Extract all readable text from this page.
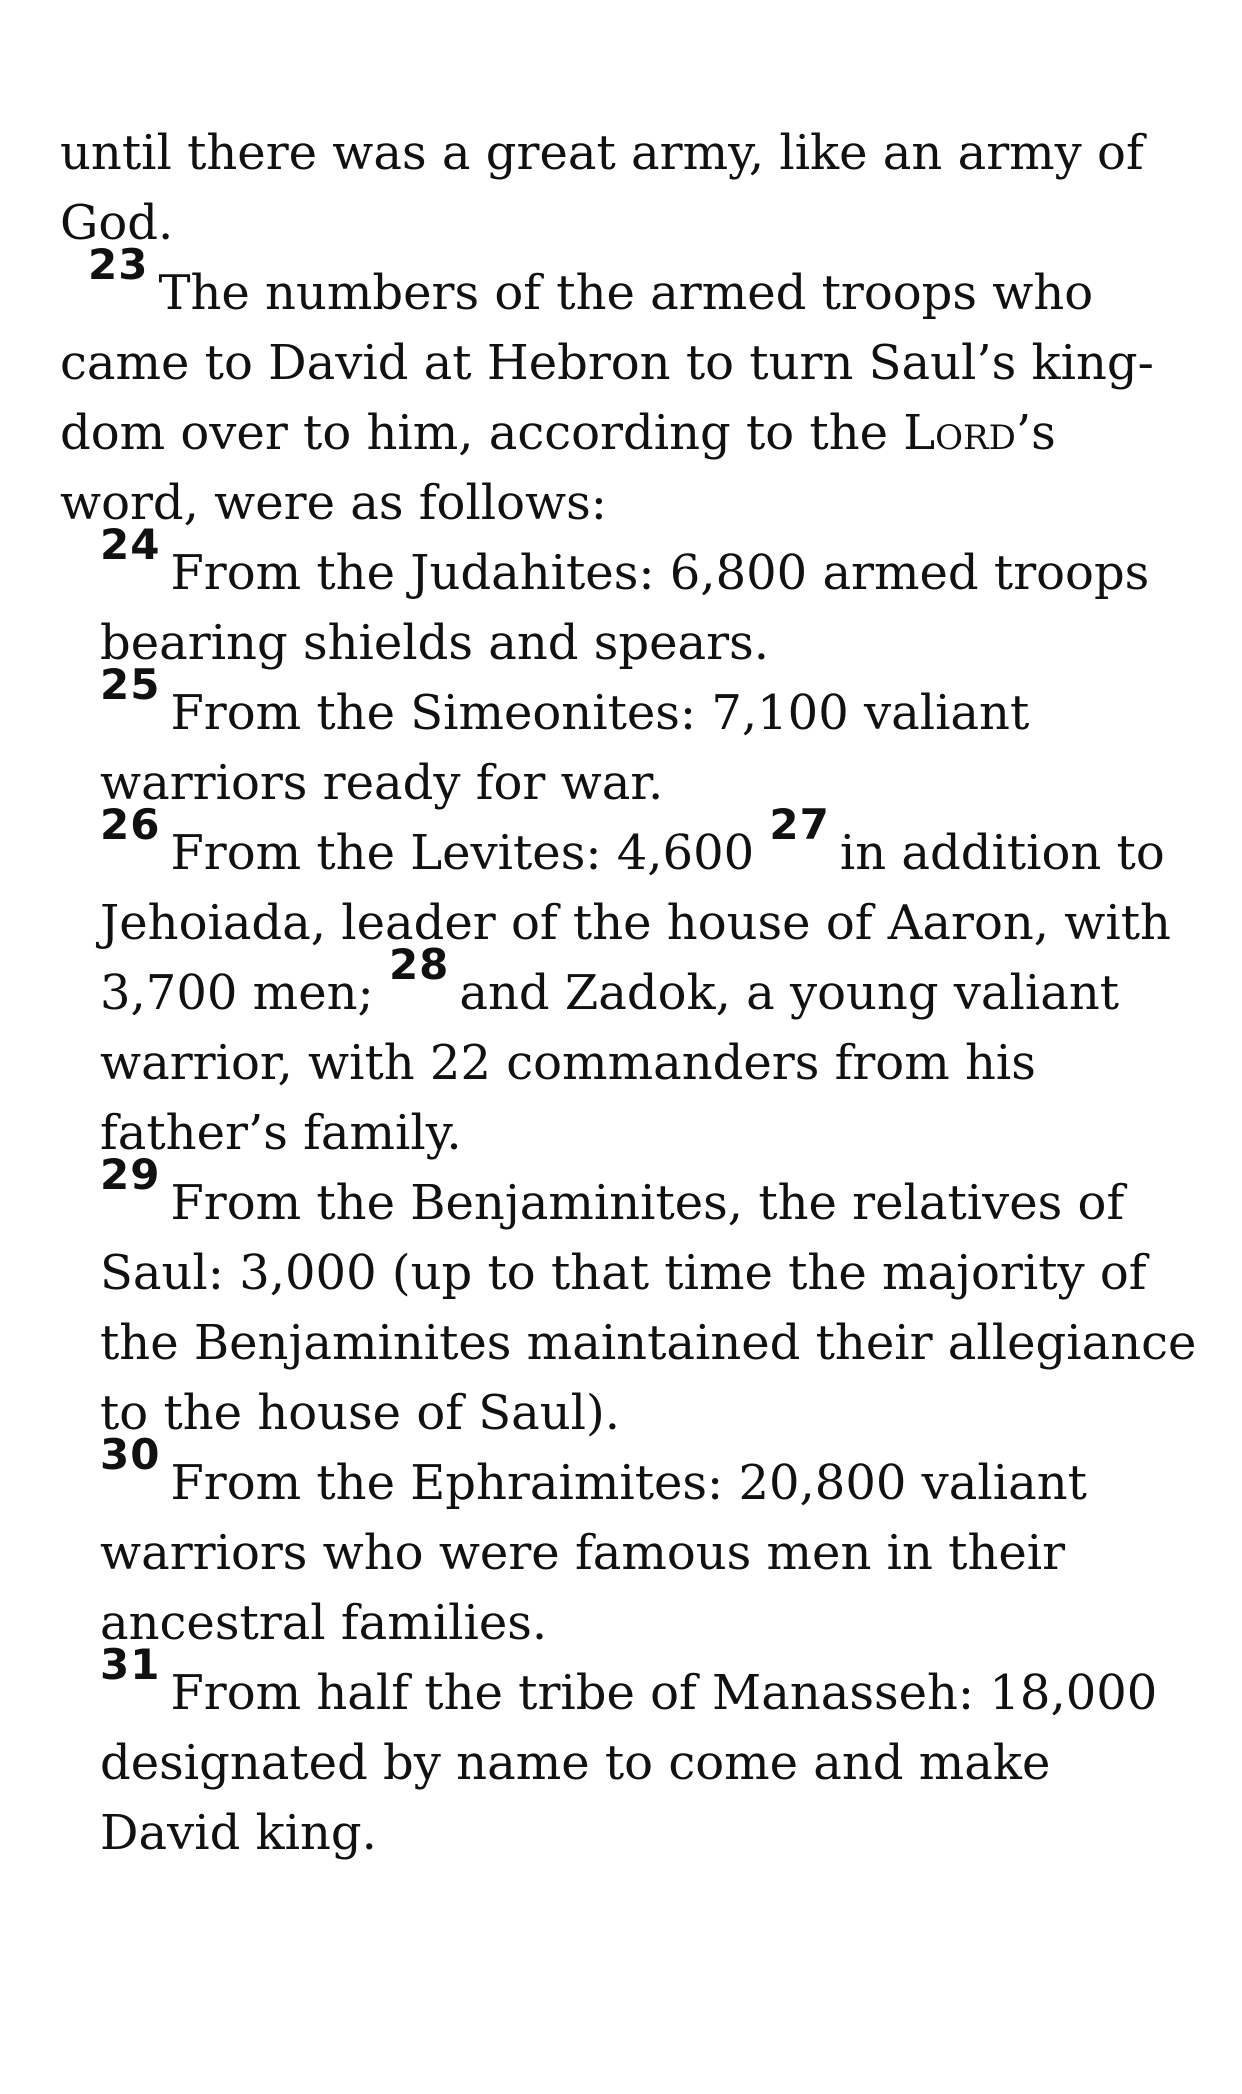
until there was a great army, like an army of God.

23The numbers of the armed troops who came to David at Hebron to turn Saul’s kingdom over to him, according to the Lord’s word, were as follows:

24From the Judahites: 6,800 armed troops bearing shields and spears.

25From the Simeonites: 7,100 valiant warriors ready for war.

26From the Levites: 4,600 27in addition to Jehoiada, leader of the house of Aaron, with 3,700 men; 28and Zadok, a young valiant warrior, with 22 commanders from his father’s family.

29From the Benjaminites, the relatives of Saul: 3,000 (up to that time the majority of the Benjaminites maintained their allegiance to the house of Saul).

30From the Ephraimites: 20,800 valiant warriors who were famous men in their ancestral families.

31From half the tribe of Manasseh: 18,000 designated by name to come and make David king.
